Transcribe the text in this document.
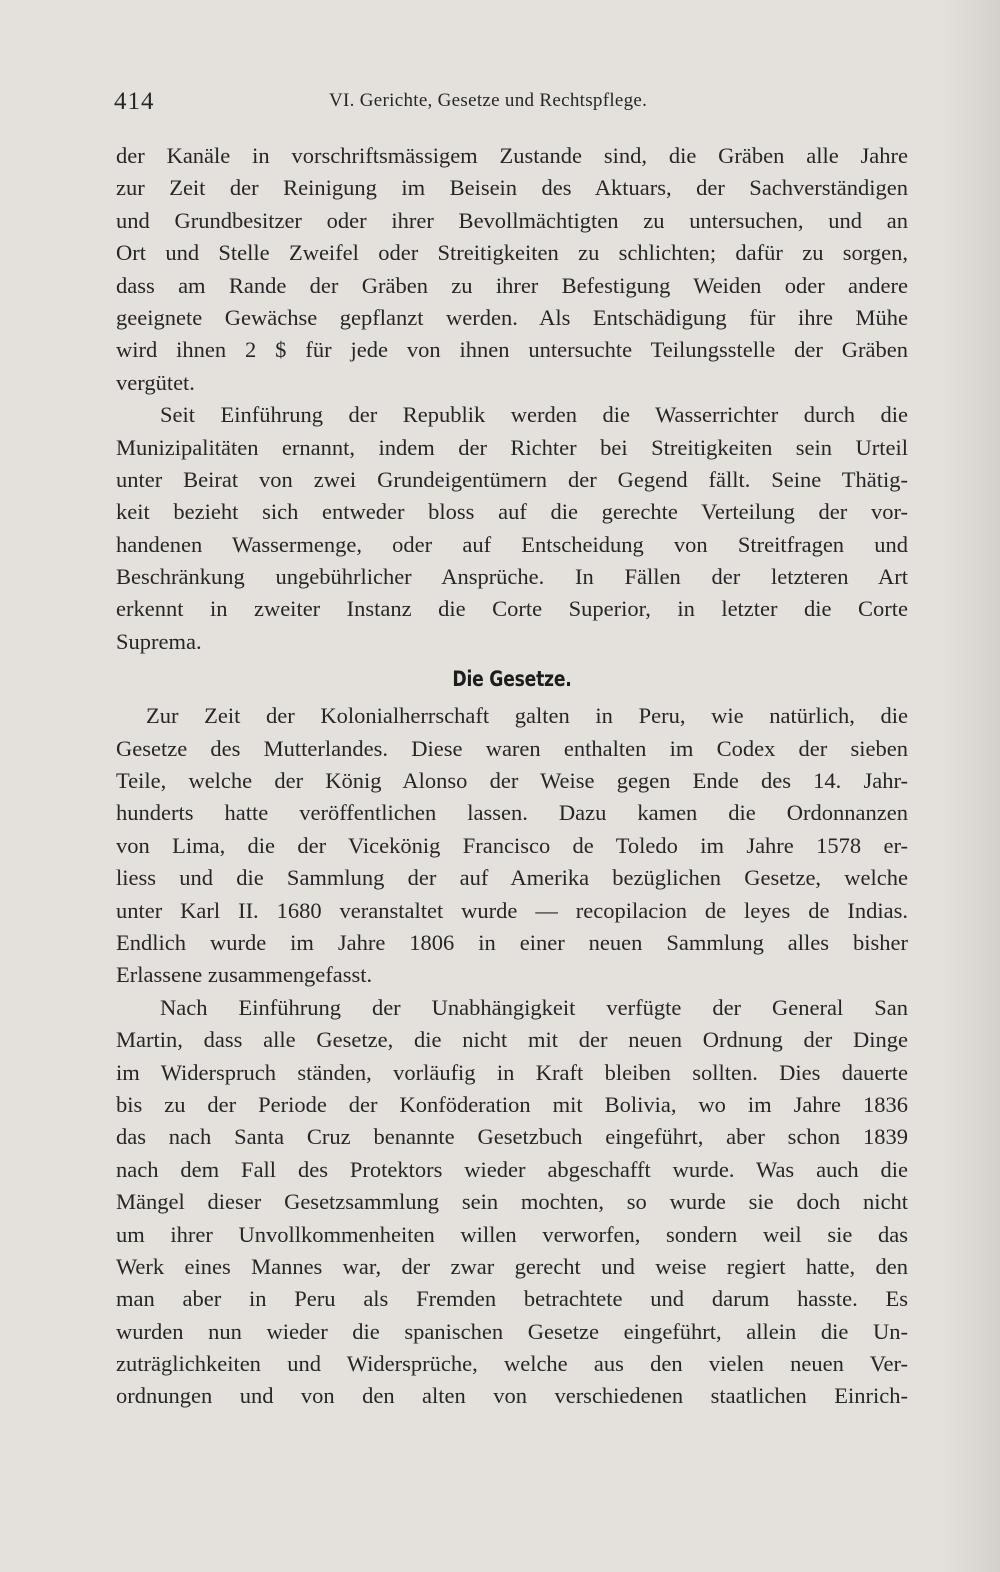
414	VI. Gerichte, Gesetze und Rechtspflege.
der Kanäle in vorschriftsmässigem Zustande sind, die Gräben alle Jahre
zur Zeit der Reinigung im Beisein des Aktuars, der Sachverständigen
und Grundbesitzer oder ihrer Bevollmächtigten zu untersuchen, und an
Ort und Stelle Zweifel oder Streitigkeiten zu schlichten; dafür zu sorgen,
dass am Rande der Gräben zu ihrer Befestigung Weiden oder andere
geeignete Gewächse gepflanzt werden. Als Entschädigung für ihre Mühe
wird ihnen 2 $ für jede von ihnen untersuchte Teilungsstelle der Gräben
vergütet.
Seit Einführung der Republik werden die Wasserrichter durch die
Munizipalitäten ernannt, indem der Richter bei Streitigkeiten sein Urteil
unter Beirat von zwei Grundeigentümern der Gegend fällt. Seine Thätig-
keit bezieht sich entweder bloss auf die gerechte Verteilung der vor-
handenen Wassermenge, oder auf Entscheidung von Streitfragen und
Beschränkung ungebührlicher Ansprüche. In Fällen der letzteren Art
erkennt in zweiter Instanz die Corte Superior, in letzter die Corte
Suprema.
Die Gesetze.
Zur Zeit der Kolonialherrschaft galten in Peru, wie natürlich, die
Gesetze des Mutterlandes. Diese waren enthalten im Codex der sieben
Teile, welche der König Alonso der Weise gegen Ende des 14. Jahr-
hunderts hatte veröffentlichen lassen. Dazu kamen die Ordonnanzen
von Lima, die der Vicekönig Francisco de Toledo im Jahre 1578 er-
liess und die Sammlung der auf Amerika bezüglichen Gesetze, welche
unter Karl II. 1680 veranstaltet wurde — recopilacion de leyes de Indias.
Endlich wurde im Jahre 1806 in einer neuen Sammlung alles bisher
Erlassene zusammengefasst.
Nach Einführung der Unabhängigkeit verfügte der General San
Martin, dass alle Gesetze, die nicht mit der neuen Ordnung der Dinge
im Widerspruch ständen, vorläufig in Kraft bleiben sollten. Dies dauerte
bis zu der Periode der Konföderation mit Bolivia, wo im Jahre 1836
das nach Santa Cruz benannte Gesetzbuch eingeführt, aber schon 1839
nach dem Fall des Protektors wieder abgeschafft wurde. Was auch die
Mängel dieser Gesetzsammlung sein mochten, so wurde sie doch nicht
um ihrer Unvollkommenheiten willen verworfen, sondern weil sie das
Werk eines Mannes war, der zwar gerecht und weise regiert hatte, den
man aber in Peru als Fremden betrachtete und darum hasste. Es
wurden nun wieder die spanischen Gesetze eingeführt, allein die Un-
zuträglichkeiten und Widersprüche, welche aus den vielen neuen Ver-
ordnungen und von den alten von verschiedenen staatlichen Einrich-
